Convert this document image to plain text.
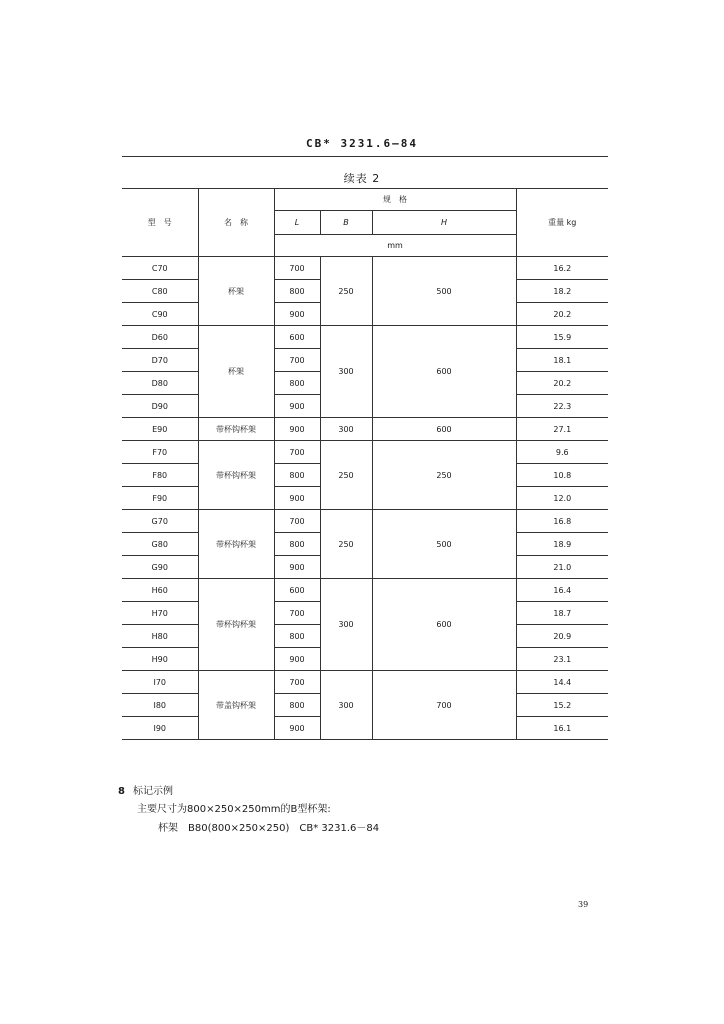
CB* 3231.6—84
续表 2
型　号	名　称	规　格			重量 kg
		L	B	H	
		mm			
C70	杯架	700	250	500	16.2
C80		800			18.2
C90		900			20.2
D60	杯架	600	300	600	15.9
D70		700			18.1
D80		800			20.2
D90		900			22.3
E90	带杯钩杯架	900	300	600	27.1
F70	带杯钩杯架	700	250	250	9.6
F80		800			10.8
F90		900			12.0
G70	带杯钩杯架	700	250	500	16.8
G80		800			18.9
G90		900			21.0
H60	带杯钩杯架	600	300	600	16.4
H70		700			18.7
H80		800			20.9
H90		900			23.1
I70	带盖钩杯架	700	300	700	14.4
I80		800			15.2
I90		900			16.1
8 标记示例
主要尺寸为800×250×250mm的B型杯架:
杯架　B80(800×250×250)　CB* 3231.6－84
39
